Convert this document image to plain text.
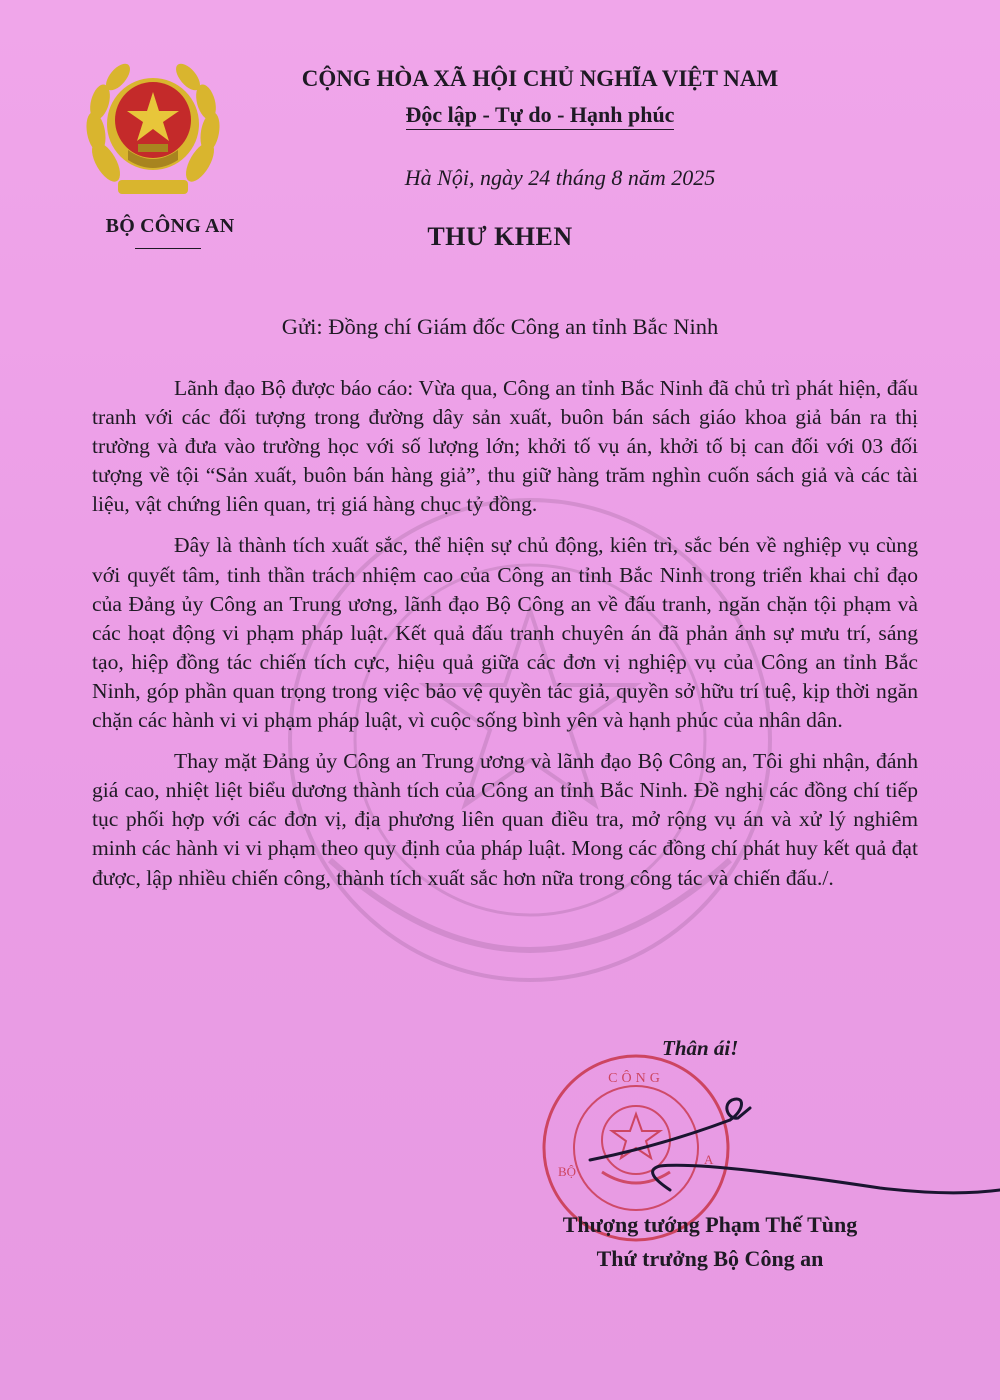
BỘ CÔNG AN
CỘNG HÒA XÃ HỘI CHỦ NGHĨA VIỆT NAM
Độc lập - Tự do - Hạnh phúc
Hà Nội, ngày 24 tháng 8 năm 2025
THƯ KHEN
Gửi: Đồng chí Giám đốc Công an tỉnh Bắc Ninh

Lãnh đạo Bộ được báo cáo: Vừa qua, Công an tỉnh Bắc Ninh đã chủ trì phát hiện, đấu tranh với các đối tượng trong đường dây sản xuất, buôn bán sách giáo khoa giả bán ra thị trường và đưa vào trường học với số lượng lớn; khởi tố vụ án, khởi tố bị can đối với 03 đối tượng về tội “Sản xuất, buôn bán hàng giả”, thu giữ hàng trăm nghìn cuốn sách giả và các tài liệu, vật chứng liên quan, trị giá hàng chục tỷ đồng.

Đây là thành tích xuất sắc, thể hiện sự chủ động, kiên trì, sắc bén về nghiệp vụ cùng với quyết tâm, tinh thần trách nhiệm cao của Công an tỉnh Bắc Ninh trong triển khai chỉ đạo của Đảng ủy Công an Trung ương, lãnh đạo Bộ Công an về đấu tranh, ngăn chặn tội phạm và các hoạt động vi phạm pháp luật. Kết quả đấu tranh chuyên án đã phản ánh sự mưu trí, sáng tạo, hiệp đồng tác chiến tích cực, hiệu quả giữa các đơn vị nghiệp vụ của Công an tỉnh Bắc Ninh, góp phần quan trọng trong việc bảo vệ quyền tác giả, quyền sở hữu trí tuệ, kịp thời ngăn chặn các hành vi vi phạm pháp luật, vì cuộc sống bình yên và hạnh phúc của nhân dân.

Thay mặt Đảng ủy Công an Trung ương và lãnh đạo Bộ Công an, Tôi ghi nhận, đánh giá cao, nhiệt liệt biểu dương thành tích của Công an tỉnh Bắc Ninh. Đề nghị các đồng chí tiếp tục phối hợp với các đơn vị, địa phương liên quan điều tra, mở rộng vụ án và xử lý nghiêm minh các hành vi vi phạm theo quy định của pháp luật. Mong các đồng chí phát huy kết quả đạt được, lập nhiều chiến công, thành tích xuất sắc hơn nữa trong công tác và chiến đấu./.

Thân ái!
CÔNG
BỘ
A
Thượng tướng Phạm Thế Tùng
Thứ trưởng Bộ Công an
